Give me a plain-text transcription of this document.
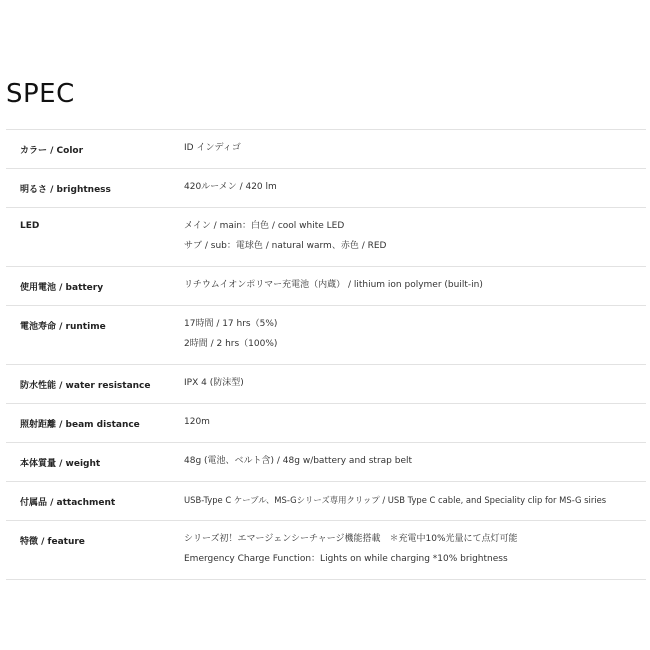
SPEC
カラー / Color	ID インディゴ
明るさ / brightness	420ルーメン / 420 lm
LED	メイン / main：白色 / cool white LED
サブ / sub：電球色 / natural warm、赤色 / RED
使用電池 / battery	リチウムイオンポリマー充電池（内蔵） / lithium ion polymer (built-in)
電池寿命 / runtime	17時間 / 17 hrs（5%)
2時間 / 2 hrs（100%)
防水性能 / water resistance	IPX 4 (防沫型)
照射距離 / beam distance	120m
本体質量 / weight	48g (電池、ベルト含) / 48g w/battery and strap belt
付属品 / attachment	USB-Type C ケーブル、MS-Gシリーズ専用クリップ / USB Type C cable, and Speciality clip for MS-G siries
特徴 / feature	シリーズ初！エマージェンシーチャージ機能搭載　＊充電中10%光量にて点灯可能
Emergency Charge Function：Lights on while charging *10% brightness
